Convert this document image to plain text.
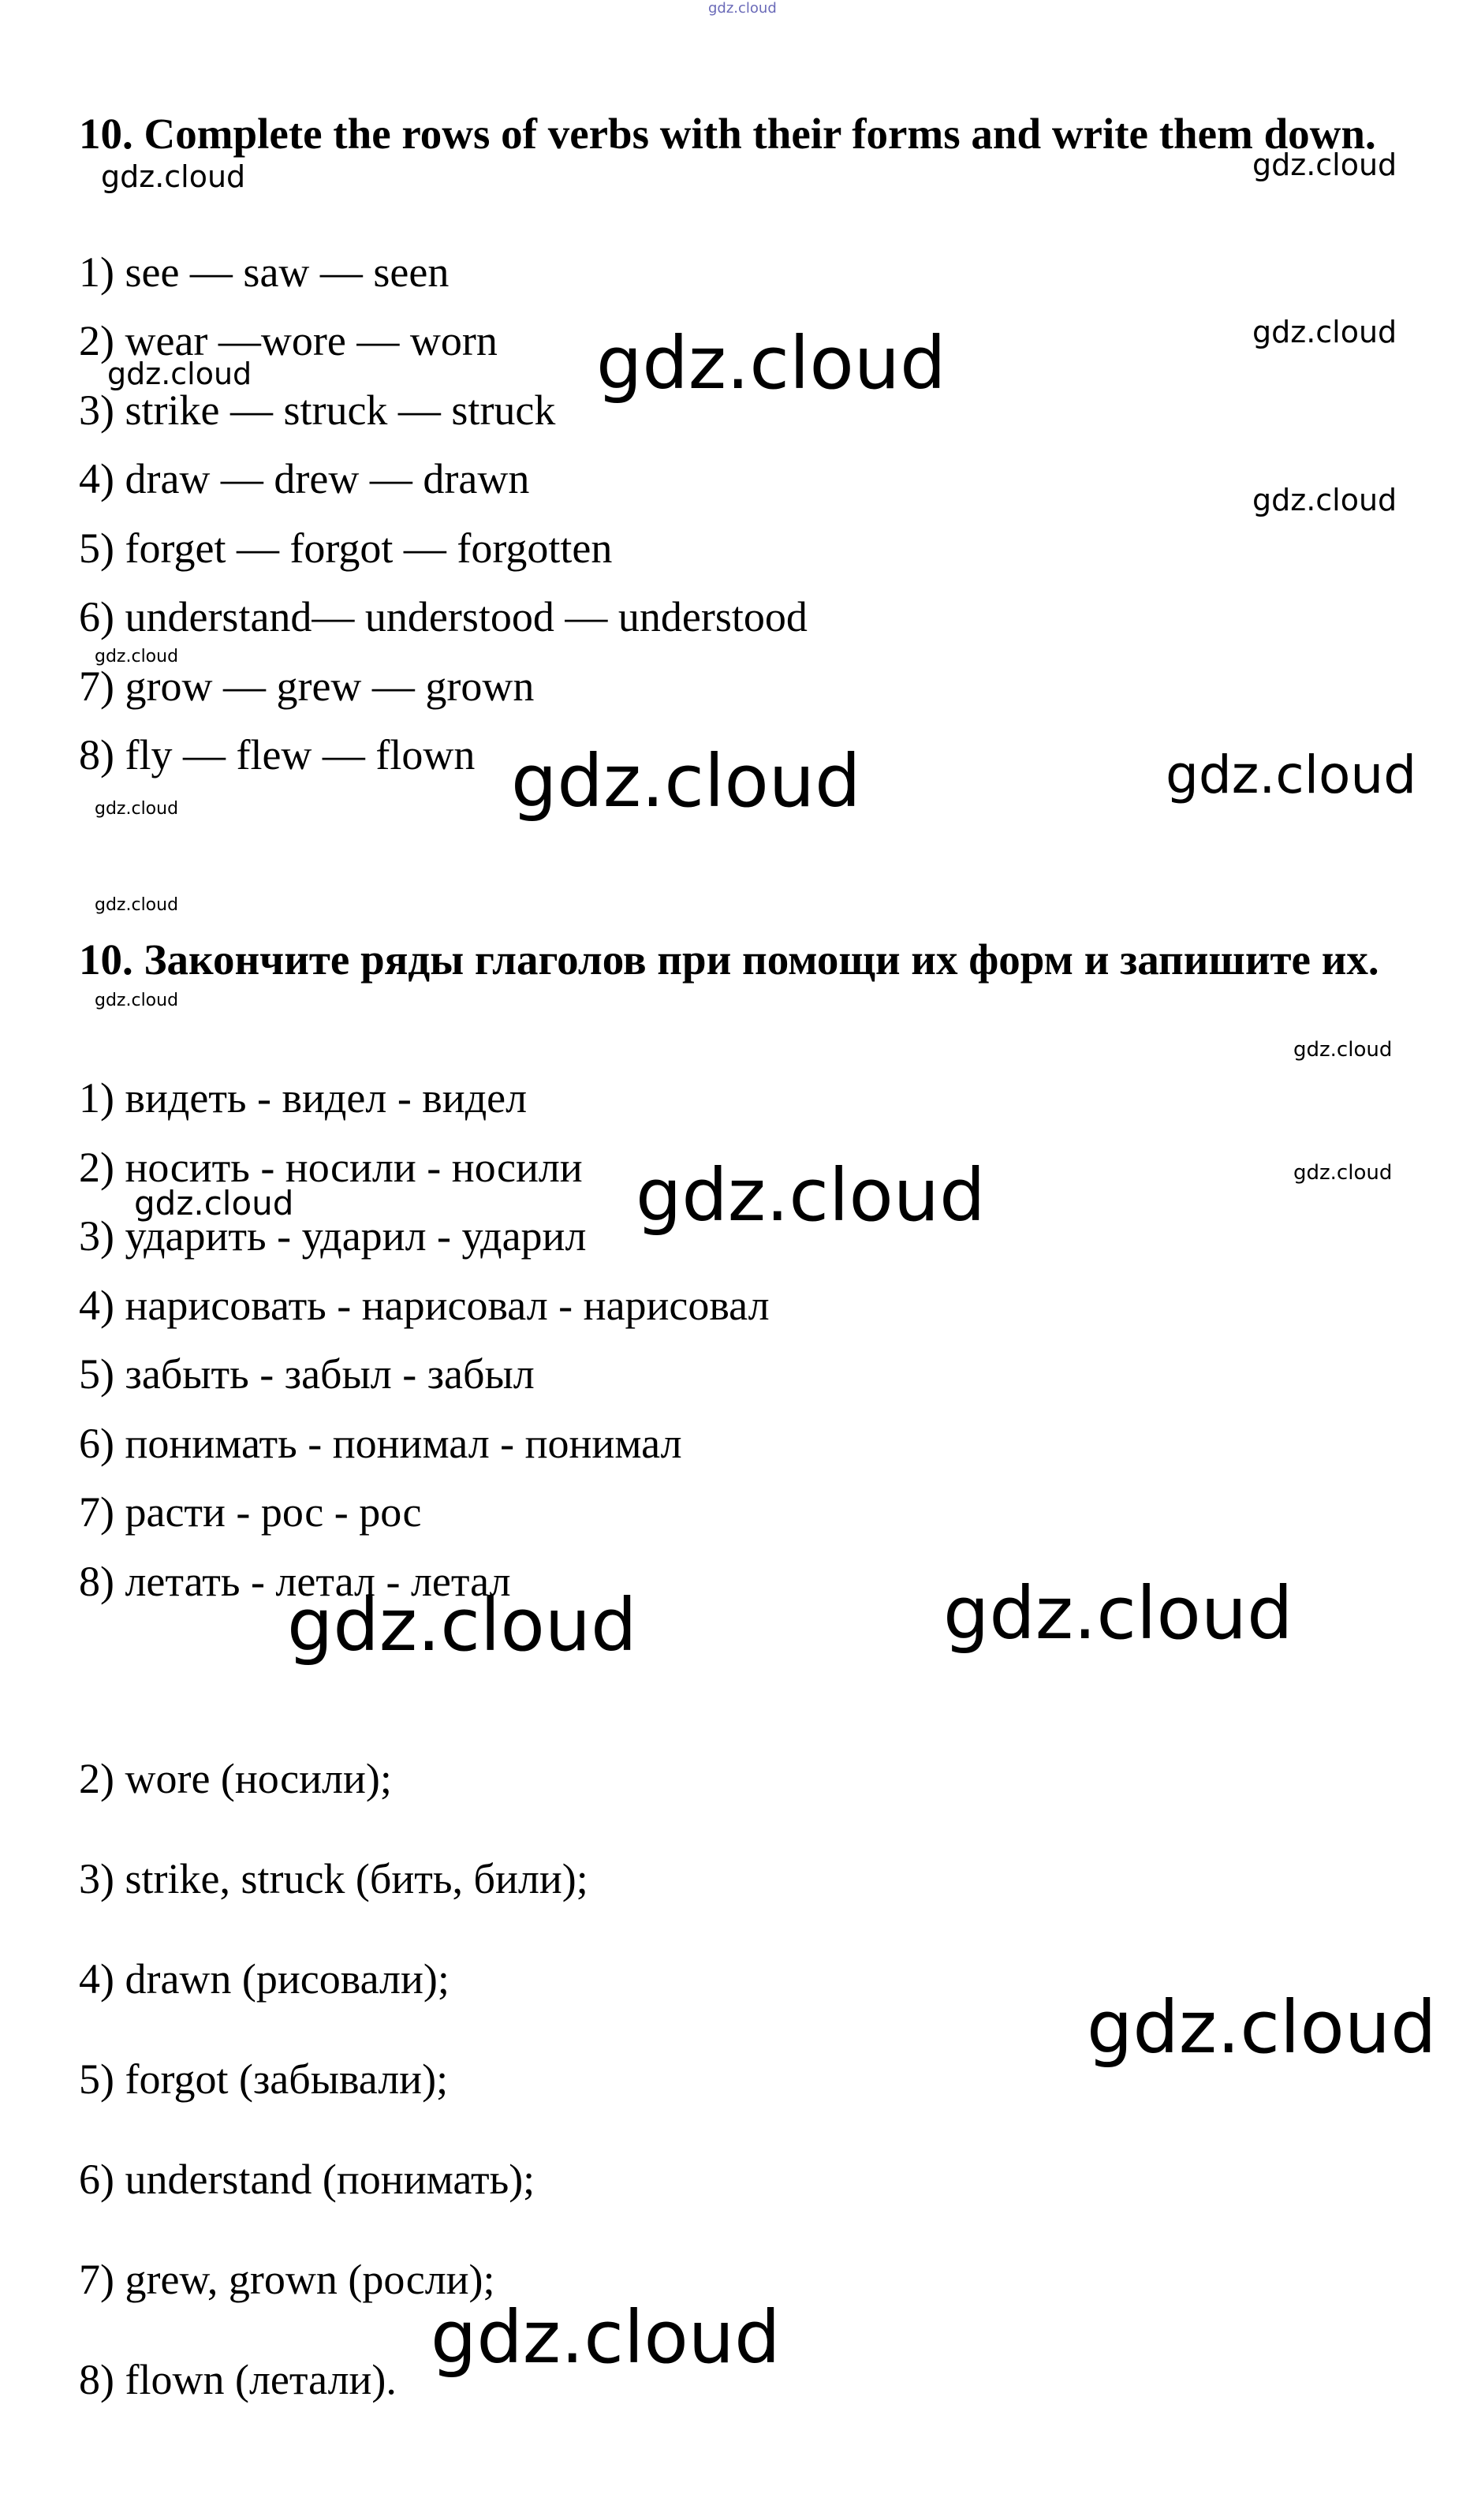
10. Complete the rows of verbs with their forms and write them down.
1) see — saw — seen
2) wear —wore — worn
3) strike — struck — struck
4) draw — drew — drawn
5) forget — forgot — forgotten
6) understand— understood — understood
7) grow — grew — grown
8) fly — flew — flown
10. Закончите ряды глаголов при помощи их форм и запишите их.
1) видеть - видел - видел
2) носить - носили - носили
3) ударить - ударил - ударил
4) нарисовать - нарисовал - нарисовал
5) забыть - забыл - забыл
6) понимать - понимал - понимал
7) расти - рос - рос
8) летать - летал - летал
2) wore (носили);
3) strike, struck (бить, били);
4) drawn (рисовали);
5) forgot (забывали);
6) understand (понимать);
7) grew, grown (росли);
8) flown (летали).
gdz.cloud
gdz.cloud	gdz.cloud
gdz.cloud
gdz.cloud	gdz.cloud
gdz.cloud
gdz.cloud
gdz.cloud	gdz.cloud
gdz.cloud
gdz.cloud
gdz.cloud
gdz.cloud
gdz.cloud
gdz.cloud	gdz.cloud
gdz.cloud	gdz.cloud
gdz.cloud
gdz.cloud
